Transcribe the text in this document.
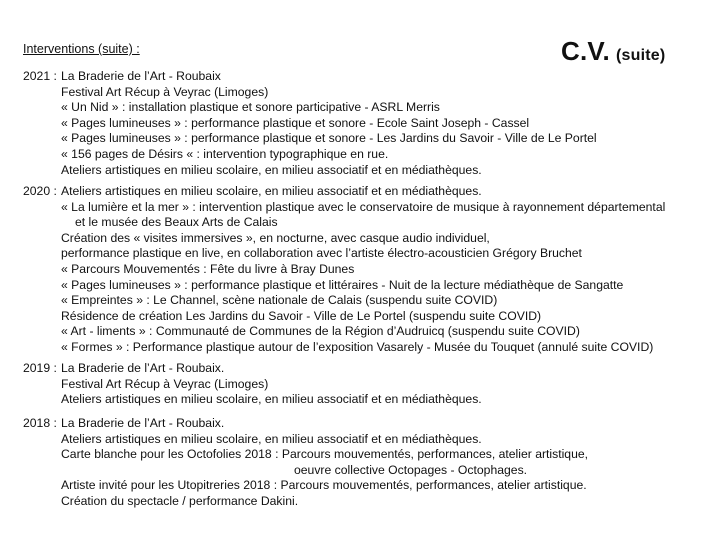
Interventions (suite) :	C.V. (suite)
2021 : La Braderie de l’Art - Roubaix
Festival Art Récup à Veyrac (Limoges)
« Un Nid » : installation plastique et sonore participative - ASRL Merris
« Pages lumineuses » : performance plastique et sonore - Ecole Saint Joseph - Cassel
« Pages lumineuses » : performance plastique et sonore - Les Jardins du Savoir - Ville de Le Portel
« 156 pages de Désirs « : intervention typographique en rue.
Ateliers artistiques en milieu scolaire, en milieu associatif et en médiathèques.
2020 : Ateliers artistiques en milieu scolaire, en milieu associatif et en médiathèques.
« La lumière et la mer » : intervention plastique avec le conservatoire de musique à rayonnement départemental
et le musée des Beaux Arts de Calais
Création des « visites immersives », en nocturne, avec casque audio individuel,
performance plastique en live, en collaboration avec l’artiste électro-acousticien Grégory Bruchet
« Parcours Mouvementés : Fête du livre à Bray Dunes
« Pages lumineuses » : performance plastique et littéraires - Nuit de la lecture médiathèque de Sangatte
« Empreintes » : Le Channel, scène nationale de Calais (suspendu suite COVID)
Résidence de création Les Jardins du Savoir - Ville de Le Portel (suspendu suite COVID)
« Art - liments » : Communauté de Communes de la Région d’Audruicq (suspendu suite COVID)
« Formes » : Performance plastique autour de l’exposition Vasarely - Musée du Touquet (annulé suite COVID)
2019 : La Braderie de l’Art - Roubaix.
Festival Art Récup à Veyrac (Limoges)
Ateliers artistiques en milieu scolaire, en milieu associatif et en médiathèques.
2018 : La Braderie de l’Art - Roubaix.
Ateliers artistiques en milieu scolaire, en milieu associatif et en médiathèques.
Carte blanche pour les Octofolies 2018 : Parcours mouvementés, performances, atelier artistique,
oeuvre collective Octopages - Octophages.
Artiste invité pour les Utopitreries 2018 : Parcours mouvementés, performances, atelier artistique.
Création du spectacle / performance Dakini.
